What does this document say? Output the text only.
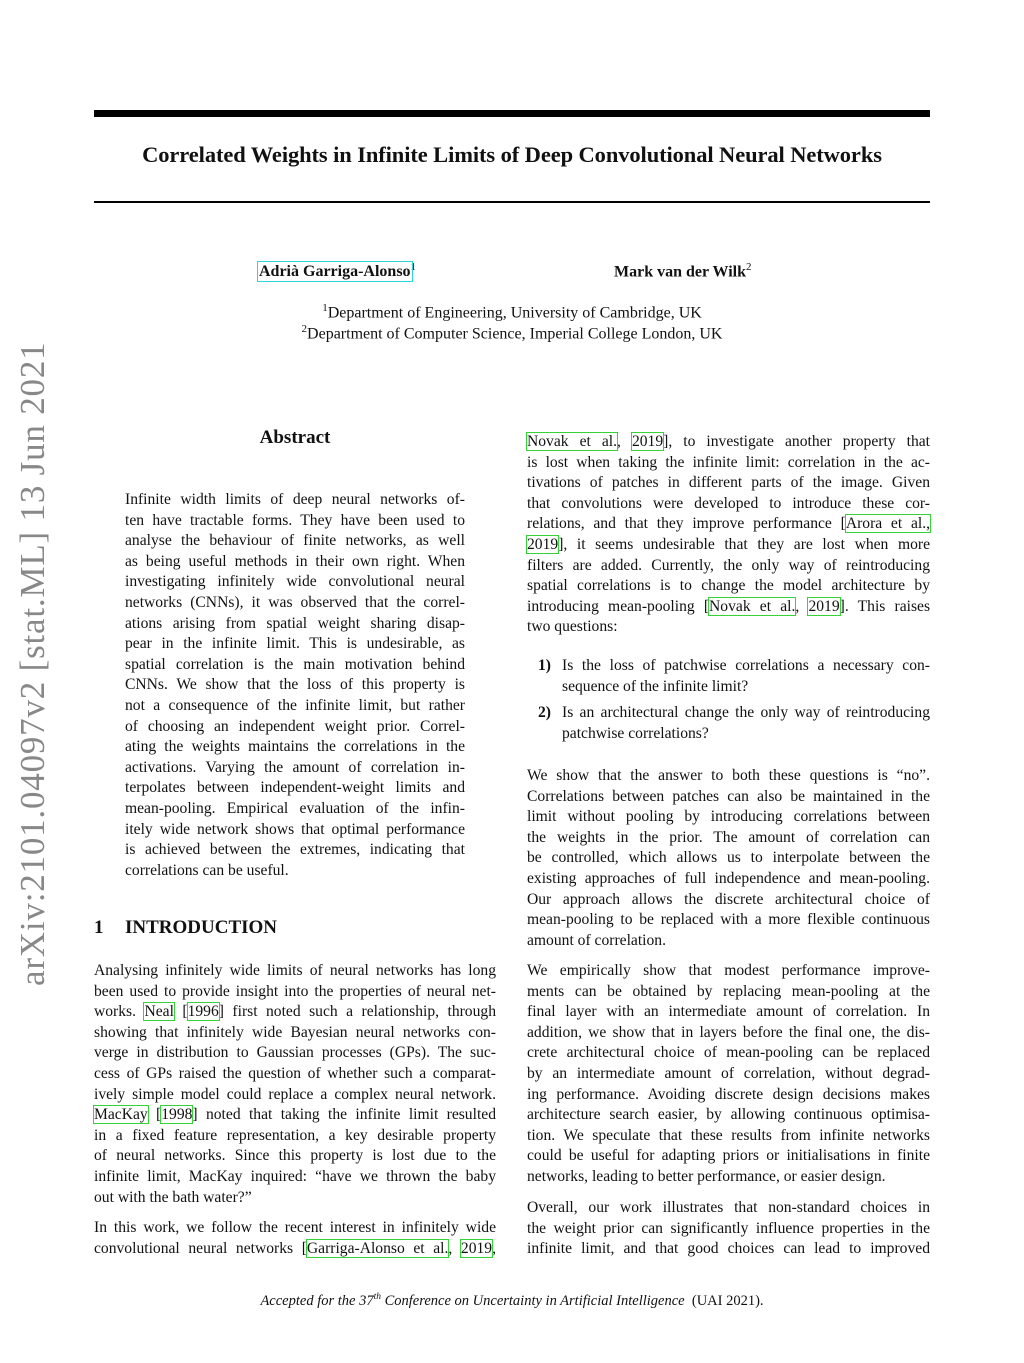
Correlated Weights in Infinite Limits of Deep Convolutional Neural Networks
arXiv:2101.04097v2 [stat.ML] 13 Jun 2021
Adrià Garriga-Alonso$^1$	Mark van der Wilk$^2$
$^1$Department of Engineering, University of Cambridge, UK
$^2$Department of Computer Science, Imperial College London, UK
Abstract
Infinite width limits of deep neural networks of-
ten have tractable forms. They have been used to
analyse the behaviour of finite networks, as well
as being useful methods in their own right. When
investigating infinitely wide convolutional neural
networks (CNNs), it was observed that the correl-
ations arising from spatial weight sharing disap-
pear in the infinite limit. This is undesirable, as
spatial correlation is the main motivation behind
CNNs. We show that the loss of this property is
not a consequence of the infinite limit, but rather
of choosing an independent weight prior. Correl-
ating the weights maintains the correlations in the
activations. Varying the amount of correlation in-
terpolates between independent-weight limits and
mean-pooling. Empirical evaluation of the infin-
itely wide network shows that optimal performance
is achieved between the extremes, indicating that
correlations can be useful.
1 INTRODUCTION
Analysing infinitely wide limits of neural networks has long
been used to provide insight into the properties of neural net-
works. Neal [1996] first noted such a relationship, through
showing that infinitely wide Bayesian neural networks con-
verge in distribution to Gaussian processes (GPs). The suc-
cess of GPs raised the question of whether such a comparat-
ively simple model could replace a complex neural network.
MacKay [1998] noted that taking the infinite limit resulted
in a fixed feature representation, a key desirable property
of neural networks. Since this property is lost due to the
infinite limit, MacKay inquired: “have we thrown the baby
out with the bath water?”
In this work, we follow the recent interest in infinitely wide
convolutional neural networks [Garriga-Alonso et al., 2019,
Novak et al., 2019], to investigate another property that
is lost when taking the infinite limit: correlation in the ac-
tivations of patches in different parts of the image. Given
that convolutions were developed to introduce these cor-
relations, and that they improve performance [Arora et al.,
2019], it seems undesirable that they are lost when more
filters are added. Currently, the only way of reintroducing
spatial correlations is to change the model architecture by
introducing mean-pooling [Novak et al., 2019]. This raises
two questions:
1) Is the loss of patchwise correlations a necessary con-
sequence of the infinite limit?
2) Is an architectural change the only way of reintroducing
patchwise correlations?
We show that the answer to both these questions is “no”.
Correlations between patches can also be maintained in the
limit without pooling by introducing correlations between
the weights in the prior. The amount of correlation can
be controlled, which allows us to interpolate between the
existing approaches of full independence and mean-pooling.
Our approach allows the discrete architectural choice of
mean-pooling to be replaced with a more flexible continuous
amount of correlation.
We empirically show that modest performance improve-
ments can be obtained by replacing mean-pooling at the
final layer with an intermediate amount of correlation. In
addition, we show that in layers before the final one, the dis-
crete architectural choice of mean-pooling can be replaced
by an intermediate amount of correlation, without degrad-
ing performance. Avoiding discrete design decisions makes
architecture search easier, by allowing continuous optimisa-
tion. We speculate that these results from infinite networks
could be useful for adapting priors or initialisations in finite
networks, leading to better performance, or easier design.
Overall, our work illustrates that non-standard choices in
the weight prior can significantly influence properties in the
infinite limit, and that good choices can lead to improved
Accepted for the 37th Conference on Uncertainty in Artificial Intelligence (UAI 2021).
